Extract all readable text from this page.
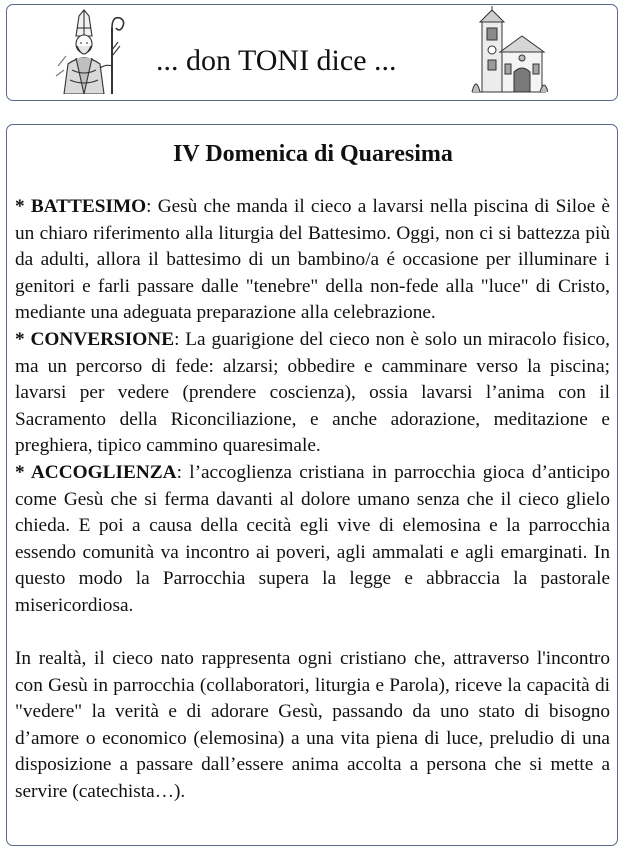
... don TONI dice ...
IV Domenica di Quaresima

* BATTESIMO: Gesù che manda il cieco a lavarsi nella piscina di Siloe è un chiaro riferimento alla liturgia del Battesimo. Oggi, non ci si battezza più da adulti, allora il battesimo di un bambino/a é occasione per illuminare i genitori e farli passare dalle "tenebre" della non-fede alla "luce" di Cristo, mediante una adeguata preparazione alla celebrazione.

* CONVERSIONE: La guarigione del cieco non è solo un miracolo fisico, ma un percorso di fede: alzarsi; obbedire e camminare verso la piscina; lavarsi per vedere (prendere coscienza), ossia lavarsi l’anima con il Sacramento della Riconciliazione, e anche adorazione, meditazione e preghiera, tipico cammino quaresimale.

* ACCOGLIENZA: l’accoglienza cristiana in parrocchia gioca d’anticipo come Gesù che si ferma davanti al dolore umano senza che il cieco glielo chieda. E poi a causa della cecità egli vive di elemosina e la parrocchia essendo comunità va incontro ai poveri, agli ammalati e agli emarginati. In questo modo la Parrocchia supera la legge e abbraccia la pastorale misericordiosa.

In realtà, il cieco nato rappresenta ogni cristiano che, attraverso l'incontro con Gesù in parrocchia (collaboratori, liturgia e Parola), riceve la capacità di "vedere" la verità e di adorare Gesù, passando da uno stato di bisogno d’amore o economico (elemosina) a una vita piena di luce, preludio di una disposizione a passare dall’essere anima accolta a persona che si mette a servire (catechista…).
